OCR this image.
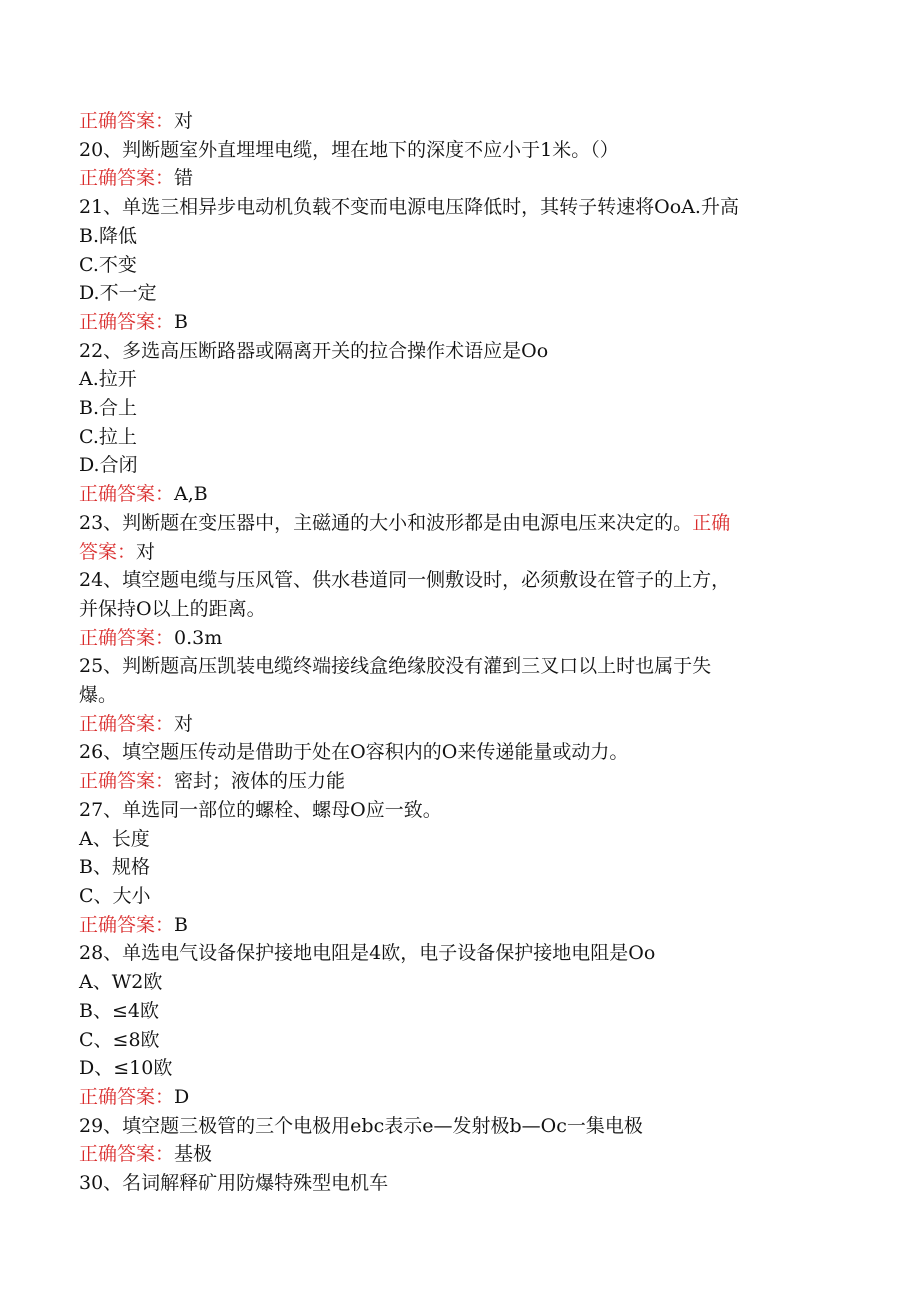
正确答案：对
20、判断题室外直埋埋电缆，埋在地下的深度不应小于1米。（）
正确答案：错
21、单选三相异步电动机负载不变而电源电压降低时，其转子转速将OoA.升高
B.降低
C.不变
D.不一定
正确答案：B
22、多选高压断路器或隔离开关的拉合操作术语应是Oo
A.拉开
B.合上
C.拉上
D.合闭
正确答案：A,B
23、判断题在变压器中，主磁通的大小和波形都是由电源电压来决定的。正确
答案：对
24、填空题电缆与压风管、供水巷道同一侧敷设时，必须敷设在管子的上方，
并保持O以上的距离。
正确答案：0.3m
25、判断题高压凯装电缆终端接线盒绝缘胶没有灌到三叉口以上时也属于失
爆。
正确答案：对
26、填空题压传动是借助于处在O容积内的O来传递能量或动力。
正确答案：密封；液体的压力能
27、单选同一部位的螺栓、螺母O应一致。
A、长度
B、规格
C、大小
正确答案：B
28、单选电气设备保护接地电阻是4欧，电子设备保护接地电阻是Oo
A、W2欧
B、≤4欧
C、≤8欧
D、≤10欧
正确答案：D
29、填空题三极管的三个电极用ebc表示e—发射极b—Oc一集电极
正确答案：基极
30、名词解释矿用防爆特殊型电机车
